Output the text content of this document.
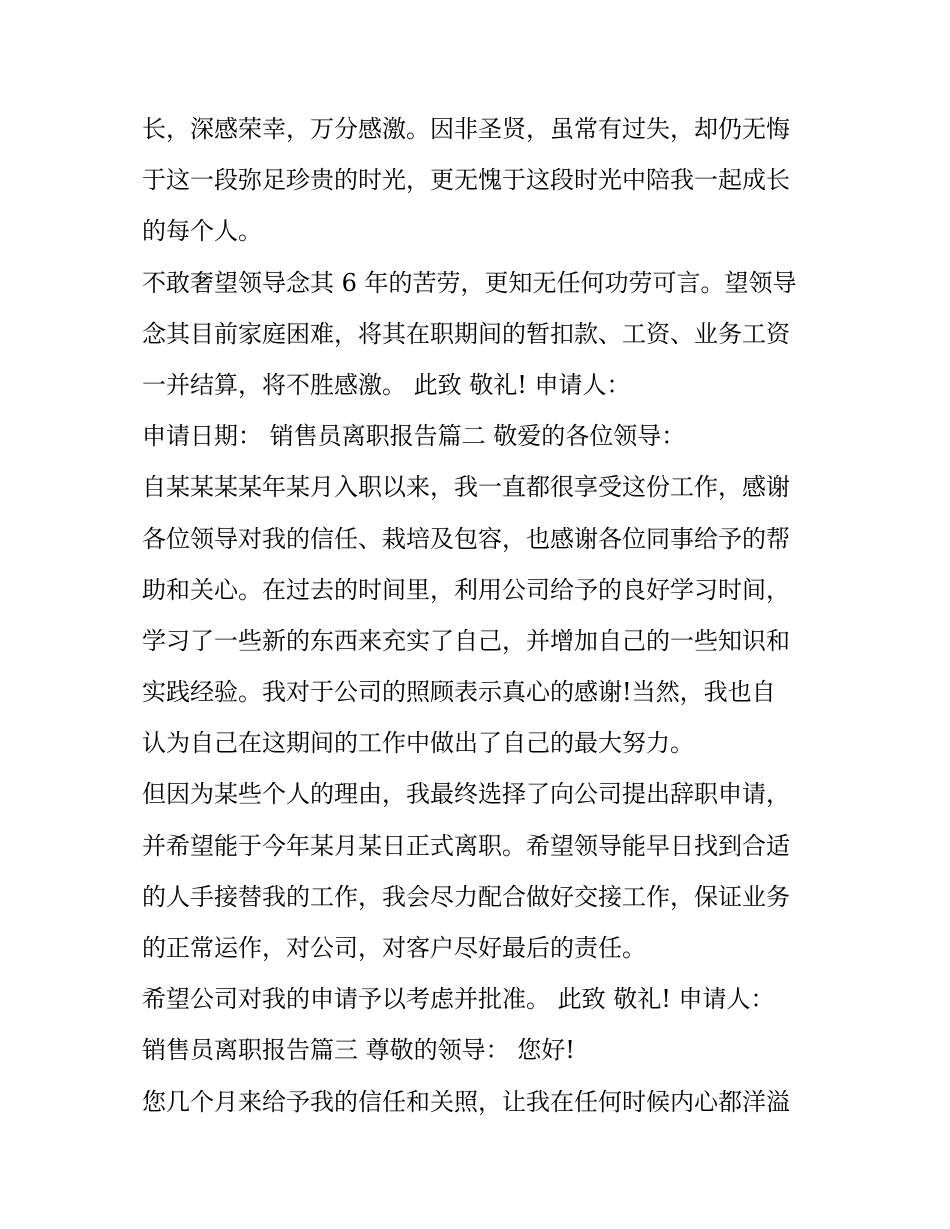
长，深感荣幸，万分感激。因非圣贤，虽常有过失，却仍无悔
于这一段弥足珍贵的时光，更无愧于这段时光中陪我一起成长
的每个人。
不敢奢望领导念其 6 年的苦劳，更知无任何功劳可言。望领导
念其目前家庭困难，将其在职期间的暂扣款、工资、业务工资
一并结算，将不胜感激。 此致 敬礼! 申请人：
申请日期： 销售员离职报告篇二 敬爱的各位领导：
自某某某某年某月入职以来，我一直都很享受这份工作，感谢
各位领导对我的信任、栽培及包容，也感谢各位同事给予的帮
助和关心。在过去的时间里，利用公司给予的良好学习时间，
学习了一些新的东西来充实了自己，并增加自己的一些知识和
实践经验。我对于公司的照顾表示真心的感谢!当然，我也自
认为自己在这期间的工作中做出了自己的最大努力。
但因为某些个人的理由，我最终选择了向公司提出辞职申请，
并希望能于今年某月某日正式离职。希望领导能早日找到合适
的人手接替我的工作，我会尽力配合做好交接工作，保证业务
的正常运作，对公司，对客户尽好最后的责任。
希望公司对我的申请予以考虑并批准。 此致 敬礼! 申请人：
销售员离职报告篇三 尊敬的领导： 您好!
您几个月来给予我的信任和关照，让我在任何时候内心都洋溢
